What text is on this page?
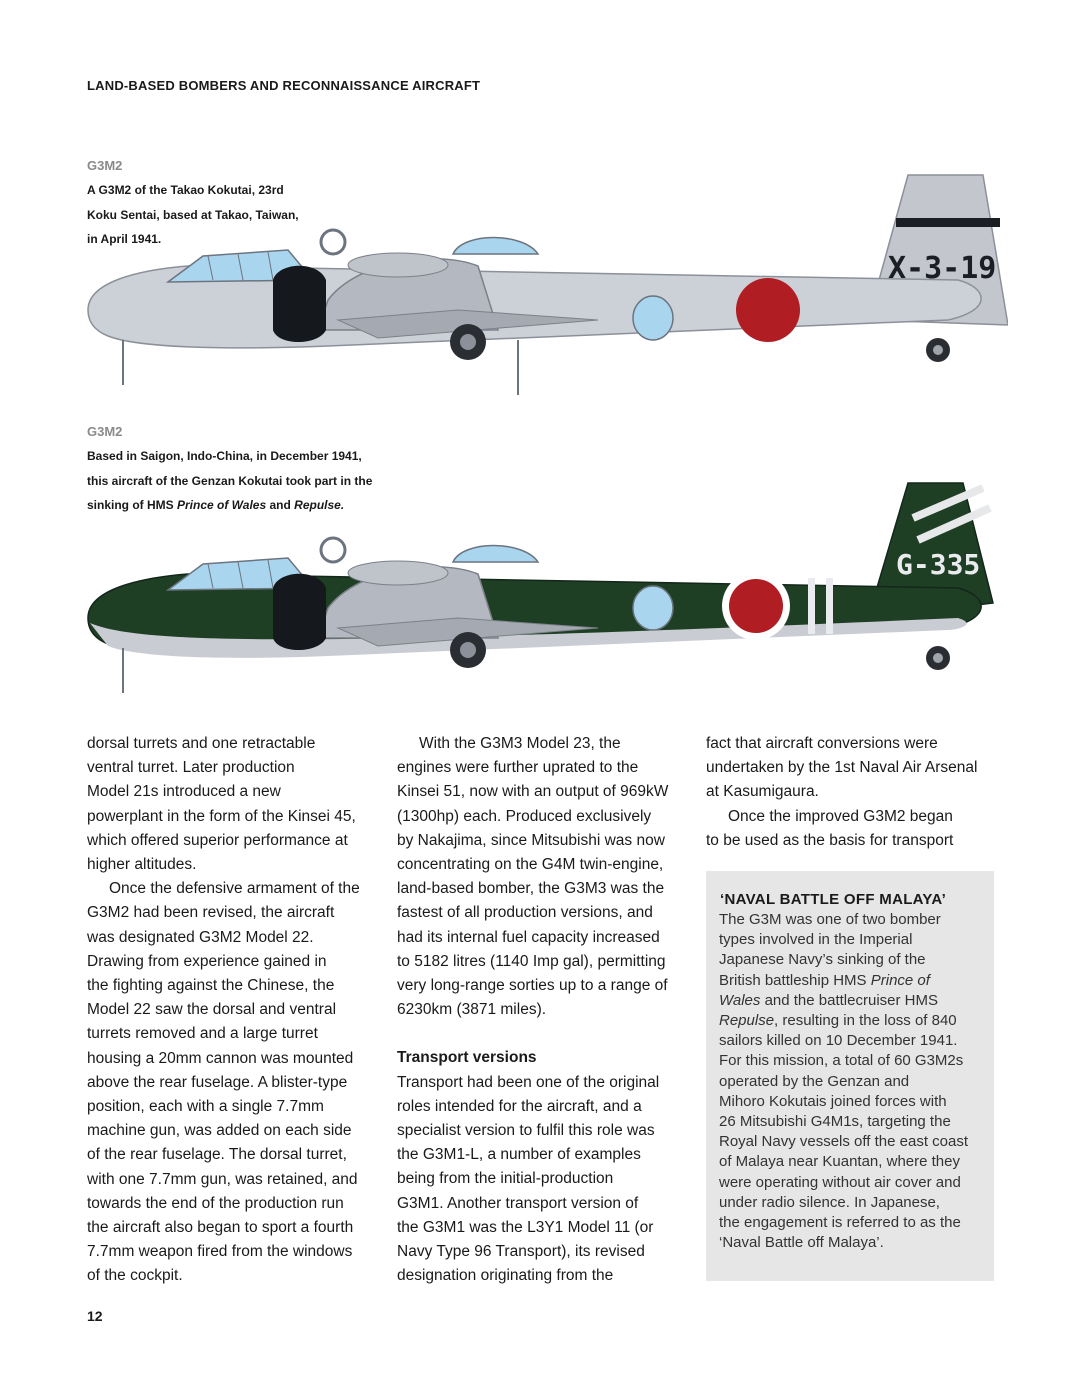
LAND-BASED BOMBERS AND RECONNAISSANCE AIRCRAFT
G3M2
A G3M2 of the Takao Kokutai, 23rd
Koku Sentai, based at Takao, Taiwan,
in April 1941.
X-3-19
G3M2
Based in Saigon, Indo-China, in December 1941,
this aircraft of the Genzan Kokutai took part in the
sinking of HMS Prince of Wales and Repulse.
G-335

dorsal turrets and one retractable
ventral turret. Later production
Model 21s introduced a new
powerplant in the form of the Kinsei 45,
which offered superior performance at
higher altitudes.

Once the defensive armament of the
G3M2 had been revised, the aircraft
was designated G3M2 Model 22.
Drawing from experience gained in
the fighting against the Chinese, the
Model 22 saw the dorsal and ventral
turrets removed and a large turret
housing a 20mm cannon was mounted
above the rear fuselage. A blister-type
position, each with a single 7.7mm
machine gun, was added on each side
of the rear fuselage. The dorsal turret,
with one 7.7mm gun, was retained, and
towards the end of the production run
the aircraft also began to sport a fourth
7.7mm weapon fired from the windows
of the cockpit.

With the G3M3 Model 23, the
engines were further uprated to the
Kinsei 51, now with an output of 969kW
(1300hp) each. Produced exclusively
by Nakajima, since Mitsubishi was now
concentrating on the G4M twin-engine,
land-based bomber, the G3M3 was the
fastest of all production versions, and
had its internal fuel capacity increased
to 5182 litres (1140 Imp gal), permitting
very long-range sorties up to a range of
6230km (3871 miles).

Transport versions

Transport had been one of the original
roles intended for the aircraft, and a
specialist version to fulfil this role was
the G3M1-L, a number of examples
being from the initial-production
G3M1. Another transport version of
the G3M1 was the L3Y1 Model 11 (or
Navy Type 96 Transport), its revised
designation originating from the

fact that aircraft conversions were
undertaken by the 1st Naval Air Arsenal
at Kasumigaura.
Once the improved G3M2 began
to be used as the basis for transport

‘NAVAL BATTLE OFF MALAYA’
The G3M was one of two bomber
types involved in the Imperial
Japanese Navy’s sinking of the
British battleship HMS Prince of
Wales and the battlecruiser HMS
Repulse, resulting in the loss of 840
sailors killed on 10 December 1941.
For this mission, a total of 60 G3M2s
operated by the Genzan and
Mihoro Kokutais joined forces with
26 Mitsubishi G4M1s, targeting the
Royal Navy vessels off the east coast
of Malaya near Kuantan, where they
were operating without air cover and
under radio silence. In Japanese,
the engagement is referred to as the
‘Naval Battle off Malaya’.
12
